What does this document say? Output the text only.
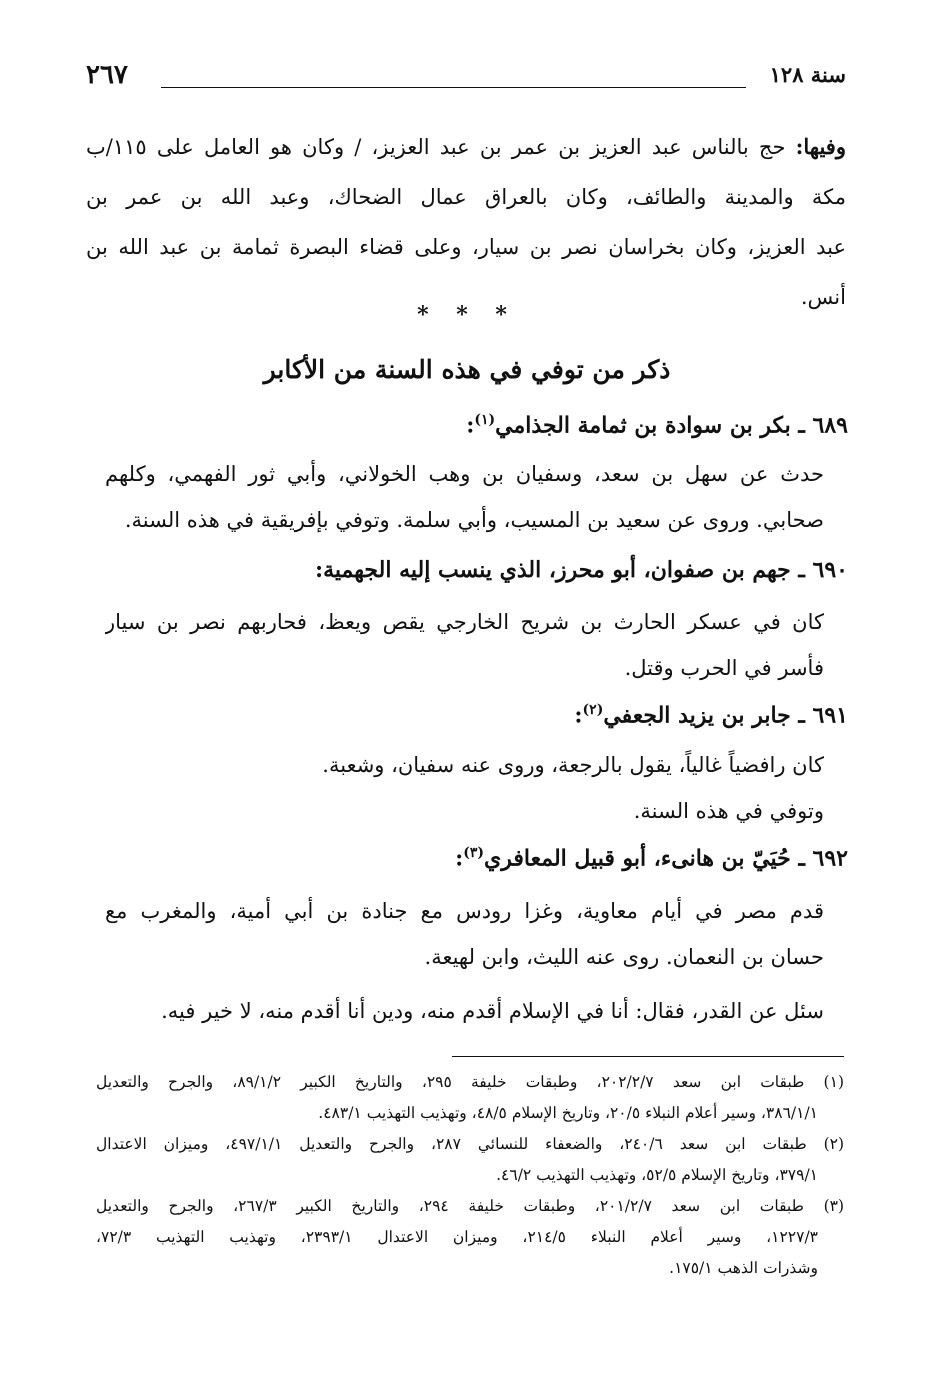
٢٦٧	سنة ١٢٨
وفيها: حج بالناس عبد العزيز بن عمر بن عبد العزيز، / وكان هو العامل على ١١٥/ب
مكة والمدينة والطائف، وكان بالعراق عمال الضحاك، وعبد الله بن عمر بن
عبد العزيز، وكان بخراسان نصر بن سيار، وعلى قضاء البصرة ثمامة بن عبد الله بن
أنس.
* * *
ذكر من توفي في هذه السنة من الأكابر
٦٨٩ ـ بكر بن سوادة بن ثمامة الجذامي$^{(١)}$:
حدث عن سهل بن سعد، وسفيان بن وهب الخولاني، وأبي ثور الفهمي، وكلهم
صحابي. وروى عن سعيد بن المسيب، وأبي سلمة. وتوفي بإفريقية في هذه السنة.
٦٩٠ ـ جهم بن صفوان، أبو محرز، الذي ينسب إليه الجهمية:
كان في عسكر الحارث بن شريح الخارجي يقص ويعظ، فحاربهم نصر بن سيار
فأسر في الحرب وقتل.
٦٩١ ـ جابر بن يزيد الجعفي$^{(٢)}$:
كان رافضياً غالياً، يقول بالرجعة، وروى عنه سفيان، وشعبة.
وتوفي في هذه السنة.
٦٩٢ ـ حُيَيّ بن هانىء، أبو قبيل المعافري$^{(٣)}$:
قدم مصر في أيام معاوية، وغزا رودس مع جنادة بن أبي أمية، والمغرب مع
حسان بن النعمان. روى عنه الليث، وابن لهيعة.
سئل عن القدر، فقال: أنا في الإسلام أقدم منه، ودين أنا أقدم منه، لا خير فيه.
(١) طبقات ابن سعد ٢٠٢/٢/٧، وطبقات خليفة ٢٩٥، والتاريخ الكبير ٨٩/١/٢، والجرح والتعديل
٣٨٦/١/١، وسير أعلام النبلاء ٢٠/٥، وتاريخ الإسلام ٤٨/٥، وتهذيب التهذيب ٤٨٣/١.
(٢) طبقات ابن سعد ٢٤٠/٦، والضعفاء للنسائي ٢٨٧، والجرح والتعديل ٤٩٧/١/١، وميزان الاعتدال
٣٧٩/١، وتاريخ الإسلام ٥٢/٥، وتهذيب التهذيب ٤٦/٢.
(٣) طبقات ابن سعد ٢٠١/٢/٧، وطبقات خليفة ٢٩٤، والتاريخ الكبير ٢٦٧/٣، والجرح والتعديل
١٢٢٧/٣، وسير أعلام النبلاء ٢١٤/٥، وميزان الاعتدال ٢٣٩٣/١، وتهذيب التهذيب ٧٢/٣،
وشذرات الذهب ١٧٥/١.
